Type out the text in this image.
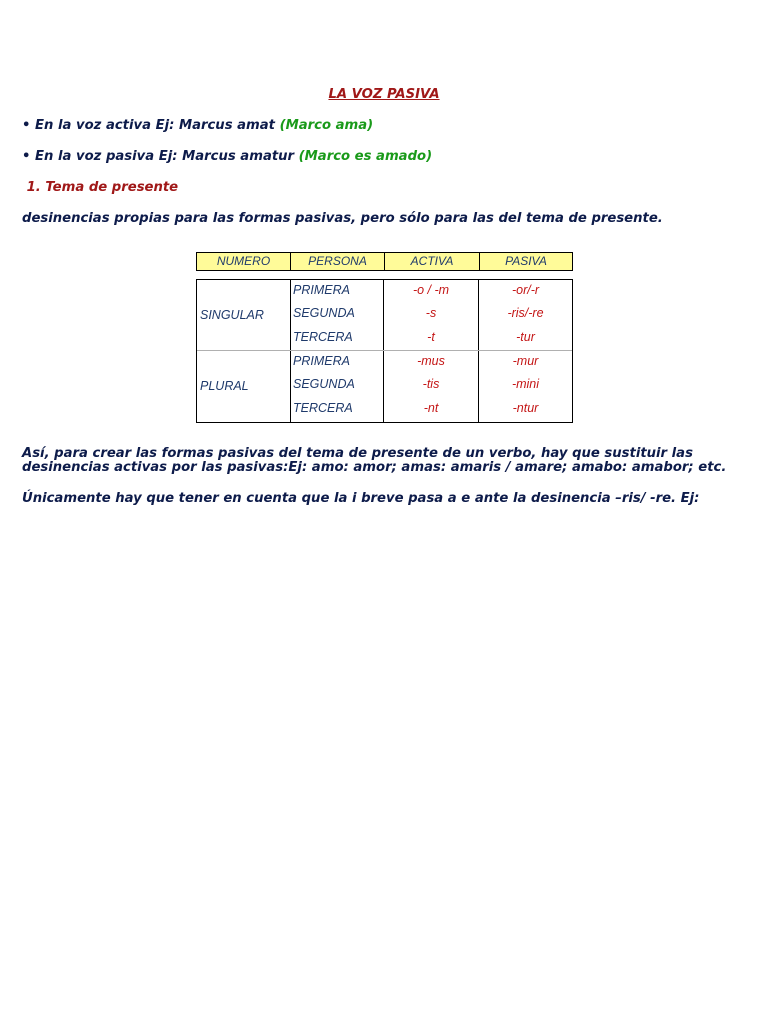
LA VOZ PASIVA
• En la voz activa Ej: Marcus amat (Marco ama)
• En la voz pasiva Ej: Marcus amatur (Marco es amado)
1. Tema de presente
desinencias propias para las formas pasivas, pero sólo para las del tema de presente.
NUMERO	PERSONA	ACTIVA	PASIVA
SINGULAR
PRIMERA	-o / -m	-or/-r
SEGUNDA	-s	-ris/-re
TERCERA	-t	-tur
PLURAL
PRIMERA	-mus	-mur
SEGUNDA	-tis	-mini
TERCERA	-nt	-ntur
Así, para crear las formas pasivas del tema de presente de un verbo, hay que sustituir las desinencias activas por las pasivas:Ej: amo: amor; amas: amaris / amare; amabo: amabor; etc.
Únicamente hay que tener en cuenta que la i breve pasa a e ante la desinencia –ris/ -re. Ej:
